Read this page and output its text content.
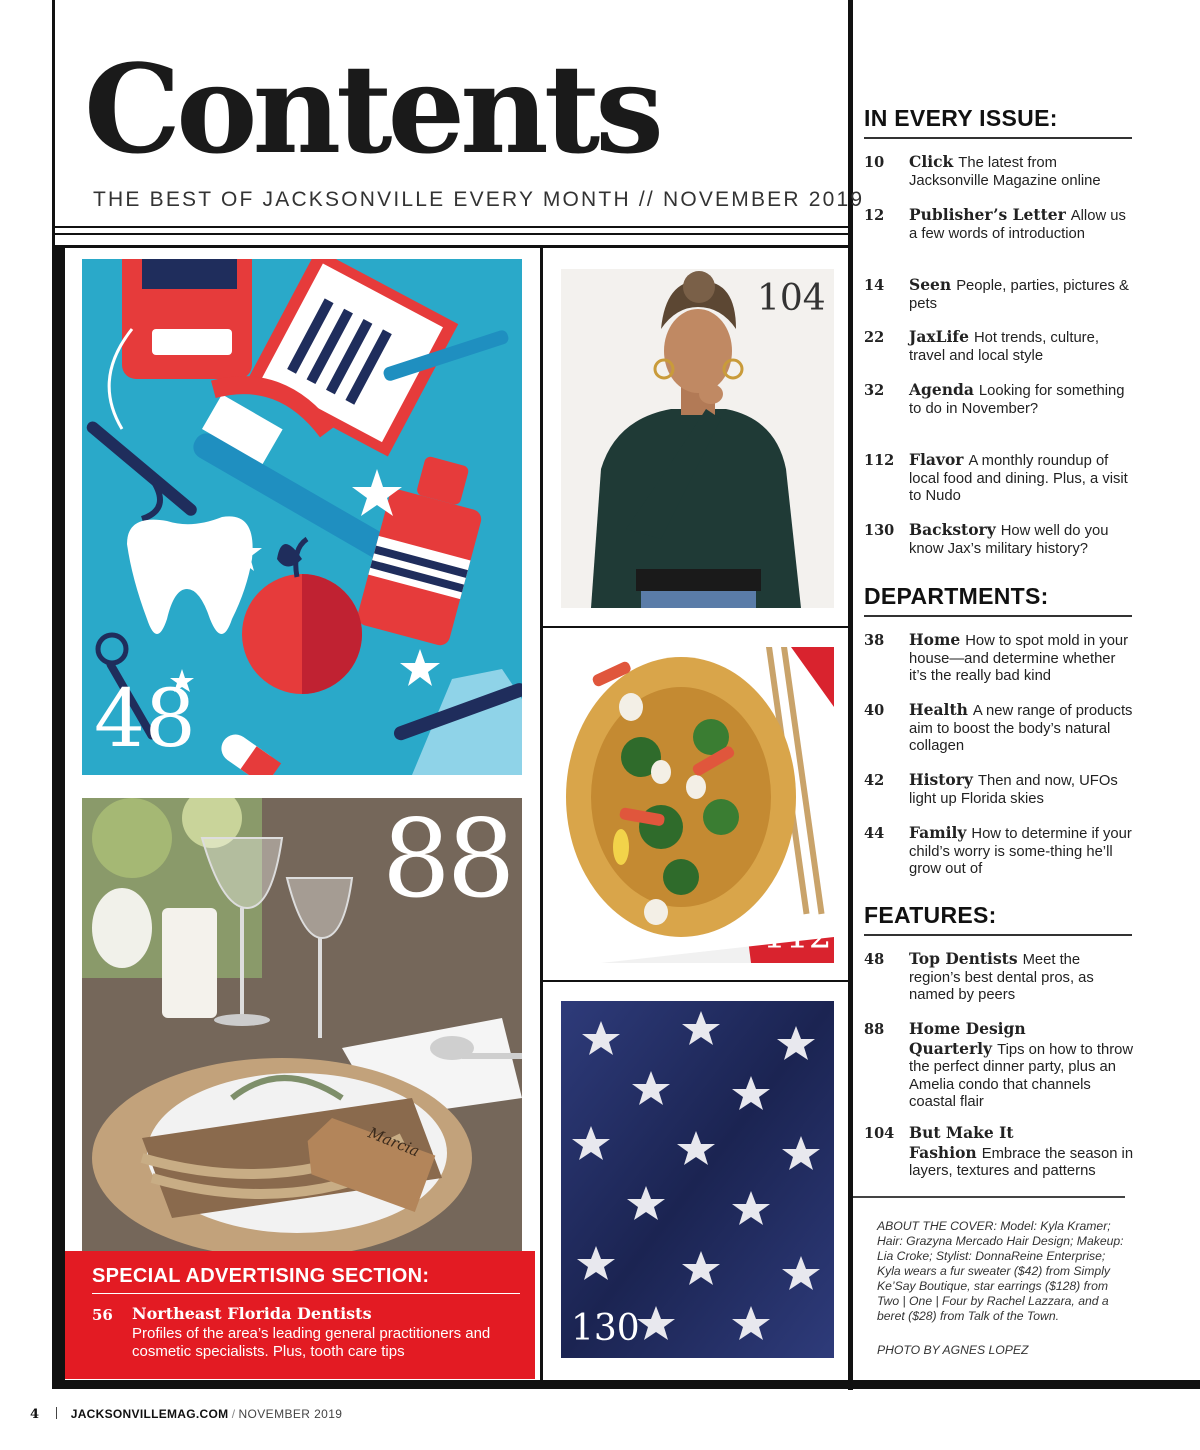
Contents
THE BEST OF JACKSONVILLE EVERY MONTH // NOVEMBER 2019
48
104
Marcia
88
112
130
SPECIAL ADVERTISING SECTION:
56 Northeast Florida Dentists
Profiles of the area’s leading general practitioners and cosmetic specialists. Plus, tooth care tips
IN EVERY ISSUE:
10 Click The latest from Jacksonville Magazine online
12 Publisher’s Letter Allow us a few words of introduction
14 Seen People, parties, pictures & pets
22 JaxLife Hot trends, culture, travel and local style
32 Agenda Looking for something to do in November?
112 Flavor A monthly roundup of local food and dining. Plus, a visit to Nudo
130 Backstory How well do you know Jax’s military history?
DEPARTMENTS:
38 Home How to spot mold in your house—and determine whether it’s the really bad kind
40 Health A new range of products aim to boost the body’s natural collagen
42 History Then and now, UFOs light up Florida skies
44 Family How to determine if your child’s worry is some-thing he’ll grow out of
FEATURES:
48 Top Dentists Meet the region’s best dental pros, as named by peers
88 Home Design Quarterly Tips on how to throw the perfect dinner party, plus an Amelia condo that channels coastal flair
104 But Make It Fashion Embrace the season in layers, textures and patterns
ABOUT THE COVER: Model: Kyla Kramer; Hair: Grazyna Mercado Hair Design; Makeup: Lia Croke; Stylist: DonnaReine Enterprise; Kyla wears a fur sweater ($42) from Simply Ke’Say Boutique, star earrings ($128) from Two | One | Four by Rachel Lazzara, and a beret ($28) from Talk of the Town.
PHOTO BY AGNES LOPEZ
4	JACKSONVILLEMAG.COM / NOVEMBER 2019
